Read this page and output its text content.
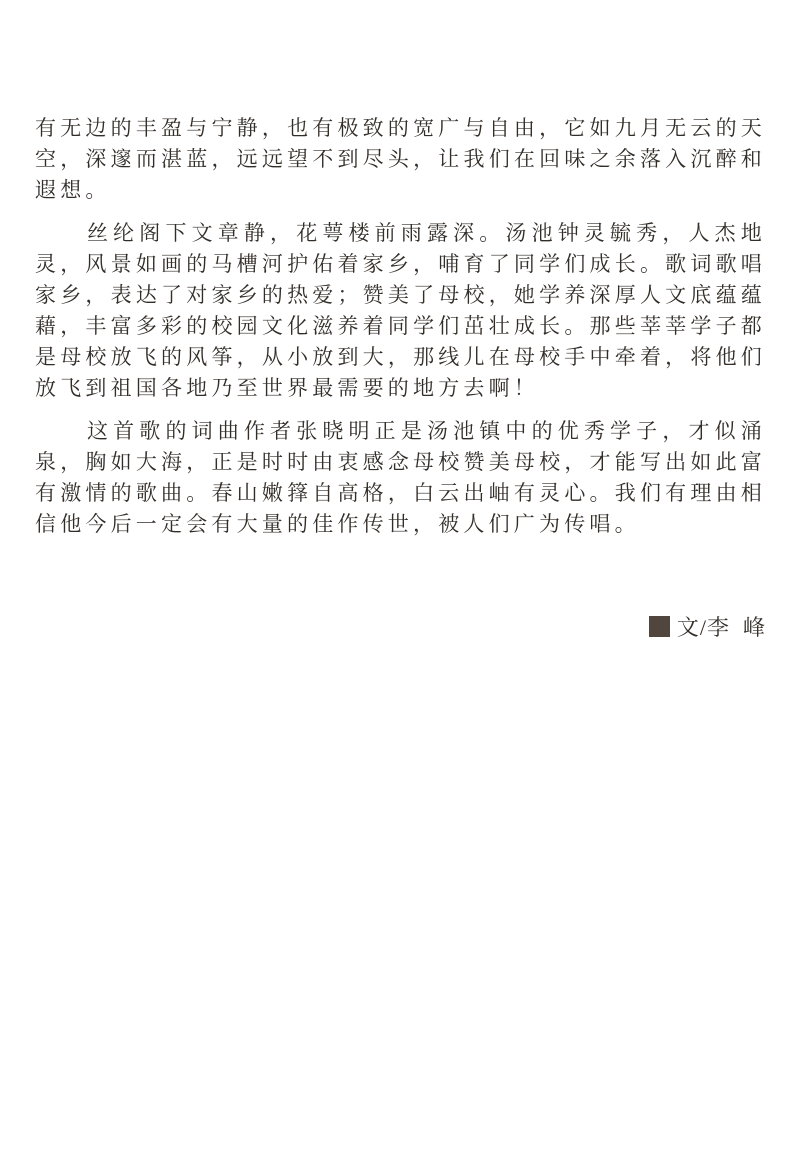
有无边的丰盈与宁静，也有极致的宽广与自由，它如九月无云的天空，深邃而湛蓝，远远望不到尽头，让我们在回味之余落入沉醉和遐想。

丝纶阁下文章静，花萼楼前雨露深。汤池钟灵毓秀，人杰地灵，风景如画的马槽河护佑着家乡，哺育了同学们成长。歌词歌唱家乡，表达了对家乡的热爱；赞美了母校，她学养深厚人文底蕴蕴藉，丰富多彩的校园文化滋养着同学们茁壮成长。那些莘莘学子都是母校放飞的风筝，从小放到大，那线儿在母校手中牵着，将他们放飞到祖国各地乃至世界最需要的地方去啊！

这首歌的词曲作者张晓明正是汤池镇中的优秀学子，才似涌泉，胸如大海，正是时时由衷感念母校赞美母校，才能写出如此富有激情的歌曲。春山嫩箨自高格，白云出岫有灵心。我们有理由相信他今后一定会有大量的佳作传世，被人们广为传唱。

文/李  峰
